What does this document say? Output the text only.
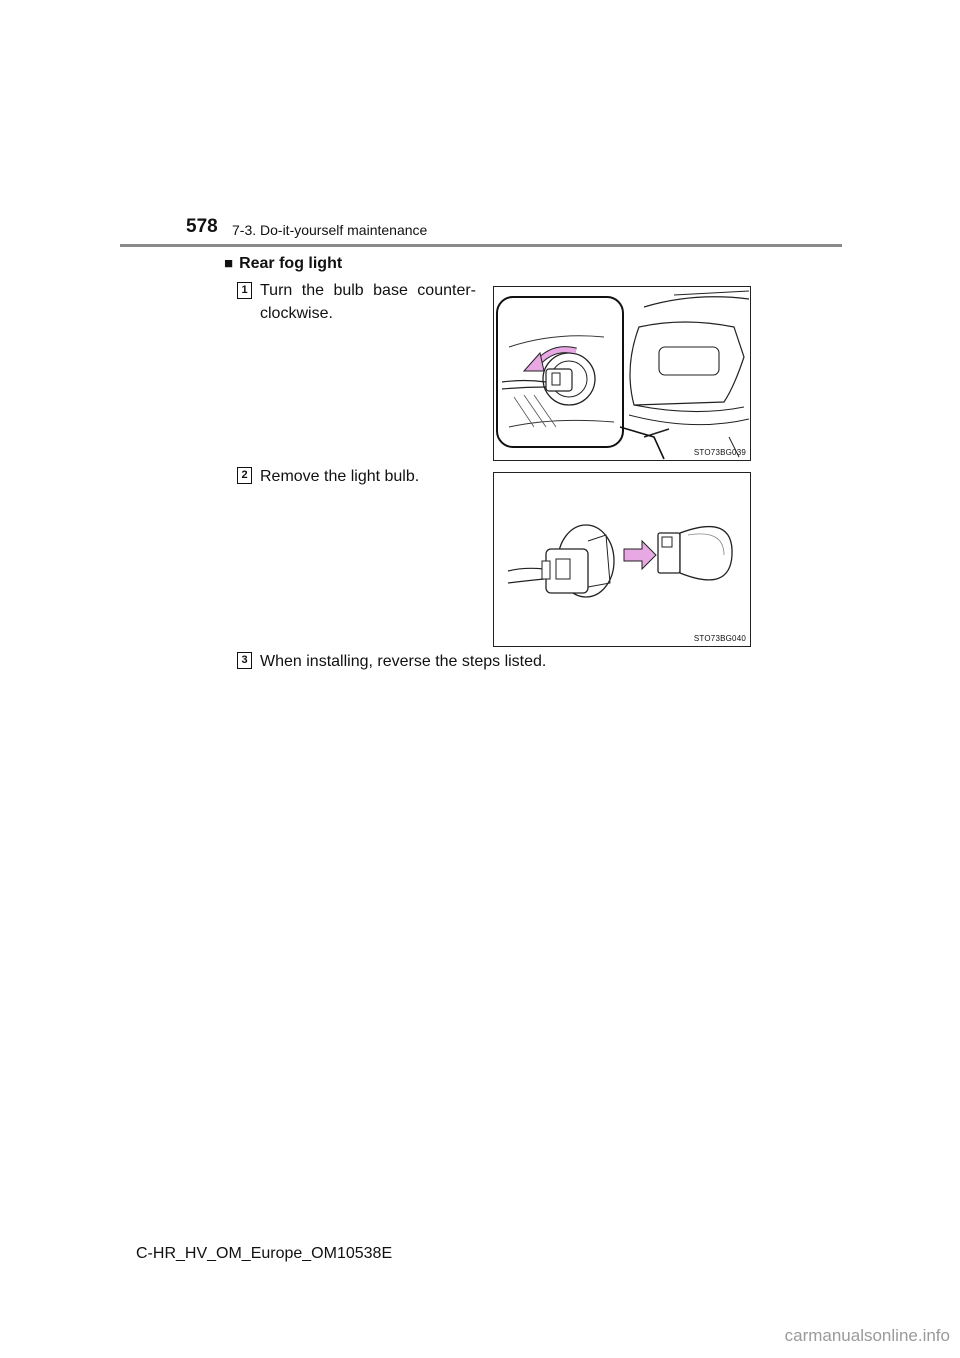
578 7-3. Do-it-yourself maintenance
■ Rear fog light
1 Turn the bulb base counter-
clockwise.
STO73BG039
2 Remove the light bulb.
STO73BG040
3 When installing, reverse the steps listed.
C-HR_HV_OM_Europe_OM10538E
carmanualsonline.info
